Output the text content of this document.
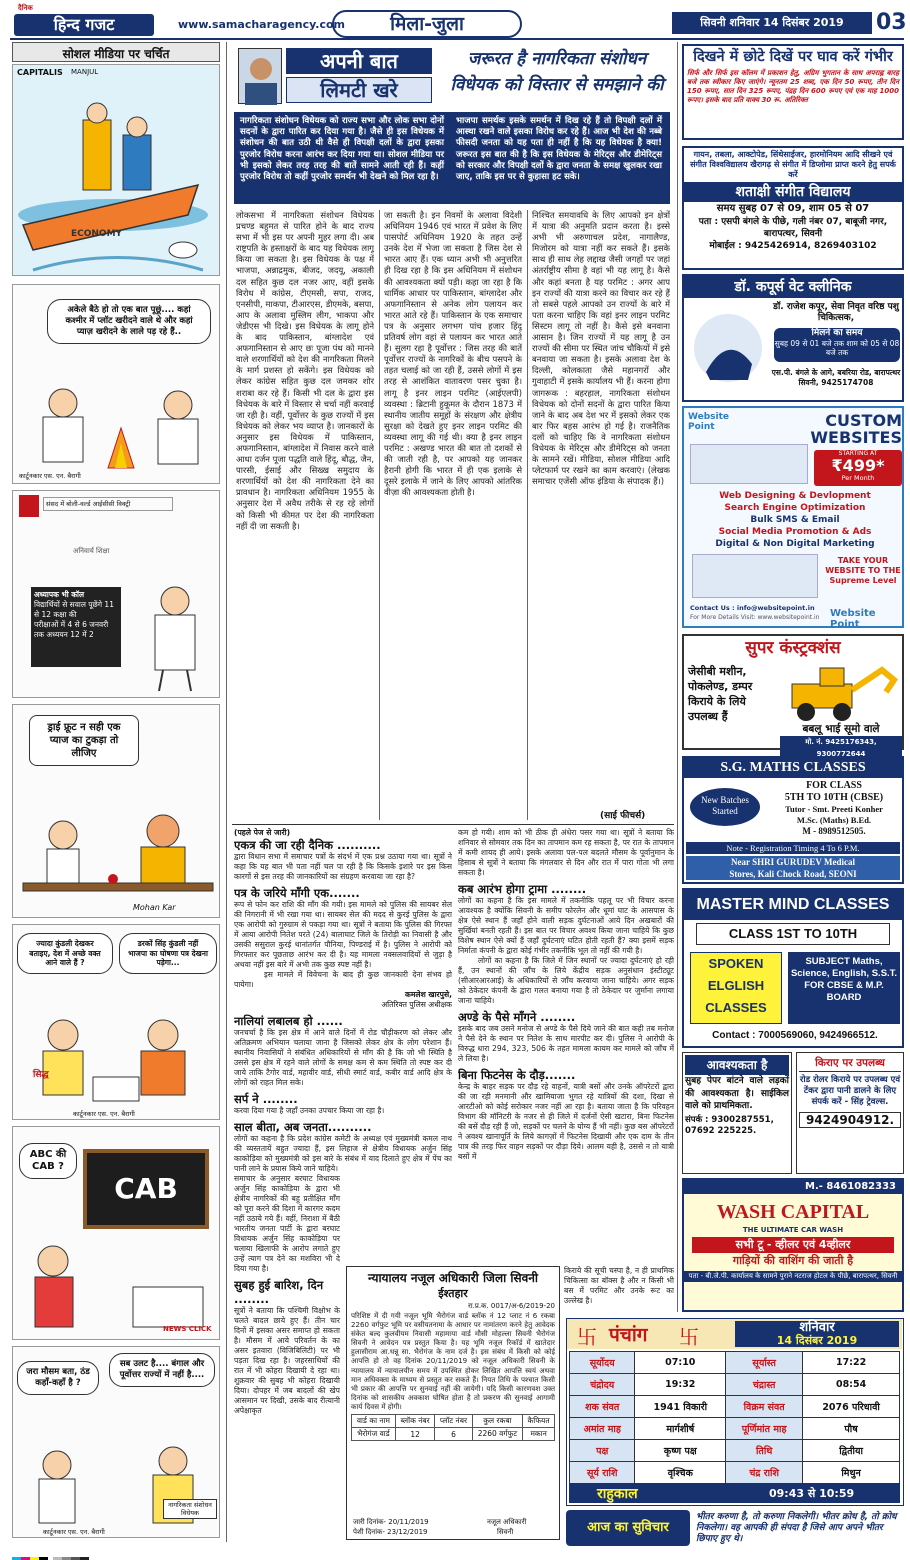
हिन्द गजट
दैनिक
www.samacharagency.com	मिला-जुला	सिवनी शनिवार 14 दिसंबर 2019	03
सोशल मीडिया पर चर्चित
CAPITALIS MANJUL
ECONOMY
अकेले बैठे हो तो एक बात पूछूं.... कहां कश्मीर में प्लॉट खरीदने वाले थे और कहां प्याज़ खरीदने के लाले पड़ रहे हैं..
कार्टूनकार एस. एन. बैरागी
संसद में बोली-वर्ल्ड आईसीसी विक्ट्री
अनिवार्य शिक्षा
अध्यापक भी कॉल
विद्यार्थियों से सवाल पूछेंगे 11 से 12 कक्षा की
परीक्षाओं में 4 से 6 जनवरी तक अध्ययन 12 में 2
ड्राई फ्रूट न सही एक प्याज का टुकड़ा तो लीजिए
Mohan Kar
ज्यादा कुंडली देखकर बताइए, देश में अच्छे वक्त आने वाले हैं ?
डरकों सिंह कुंडली नहीं भाजपा का घोषणा पत्र देखना पड़ेगा...
सिद्ध
कार्टूनकार एस. एन. बैरागी
ABC की CAB ?
CAB
NEWS CLICK
जरा मौसम बता, ठंड कहाँ-कहाँ है ?
सब उलट है.... बंगाल और पूर्वोत्तर राज्यों में नहीं है....
नागरिकता संशोधन विधेयक
कार्टूनकार एस. एन. बैरागी
अपनी बात
लिमटी खरे
जरूरत है नागरिकता संशोधन
विधेयक को विस्तार से समझाने की
नागरिकता संशोधन विधेयक को राज्य सभा और लोक सभा दोनों सदनों के द्वारा पारित कर दिया गया है। जैसे ही इस विधेयक में संशोधन की बात उठी थी वैसे ही विपक्षी दलों के द्वारा इसका पुरजोर विरोध करना आरंभ कर दिया गया था। सोशल मीडिया पर भी इसको लेकर तरह तरह की बातें सामने आती रही हैं। कहीं पुरजोर विरोध तो कहीं पुरजोर समर्थन भी देखने को मिल रहा है।
भाजपा समर्थक इसके समर्थन में दिख रहे हैं तो विपक्षी दलों में आस्था रखने वाले इसका विरोध कर रहे हैं। आज भी देश की नब्बे फीसदी जनता को यह पता ही नहीं है कि यह विधेयक है क्या! जरूरत इस बात की है कि इस विधेयक के मेरिट्स और डीमेरिट्स को सरकार और विपक्षी दलों के द्वारा जनता के समक्ष खुलकर रखा जाए, ताकि इस पर से कुहासा हट सके।
लोकसभा में नागरिकता संशोधन विधेयक प्रचण्ड बहुमत से पारित होने के बाद राज्य सभा में भी इस पर अपनी मुहर लगा दी। अब राष्ट्रपति के हस्ताक्षरों के बाद यह विधेयक लागू किया जा सकता है। इस विधेयक के पक्ष में भाजपा, अन्नाद्रमुक, बीजद, जदयू, अकाली दल सहित कुछ दल नजर आए, वहीं इसके विरोध में कांग्रेस, टीएमसी, सपा, राजद, एनसीपी, माकपा, टीआरएस, डीएमके, बसपा, आप के अलावा मुस्लिम लीग, भाकपा और जेडीएस भी दिखे। इस विधेयक के लागू होने के बाद पाकिस्तान, बांग्लादेश एवं अफगानिस्तान से आए छः पूजा पंथ को मानने वाले शरणार्थियों को देश की नागरिकता मिलने के मार्ग प्रशस्त हो सकेंगे। इस विधेयक को लेकर कांग्रेस सहित कुछ दल जमकर शोर शराबा कर रहे हैं। किसी भी दल के द्वारा इस विधेयक के बारे में विस्तार से चर्चा नहीं करवाई जा रही है। वहीं, पूर्वोत्तर के कुछ राज्यों में इस विधेयक को लेकर भय व्याप्त है। जानकारों के अनुसार इस विधेयक में पाकिस्तान, अफगानिस्तान, बांग्लादेश में निवास करने वाले आधा दर्जन पूजा पद्धति वाले हिंदू, बौद्ध, जैन, पारसी, ईसाई और सिख्ख समुदाय के शरणार्थियों को देश की नागरिकता देने का प्रावधान है। नागरिकता अधिनियम 1955 के अनुसार देश में अवैध तरीके से रह रहे लोगों को किसी भी कीमत पर देश की नागरिकता नहीं दी जा सकती है।
जा सकती है। इन निवमों के अलावा विदेशी अधिनियम 1946 एवं भारत में प्रवेश के लिए पासपोर्ट अधिनियम 1920 के तहत उन्हें उनके देश में भेजा जा सकता है जिस देश से भारत आए हैं। एक ध्यान अभी भी अनुत्तरित ही दिख रहा है कि इस अधिनियम में संशोधन की आवश्यकता क्यों पड़ी। कहा जा रहा है कि धार्मिक आधार पर पाकिस्तान, बांग्लादेश और अफगानिस्तान से अनेक लोग पलायन कर भारत आते रहे हैं। पाकिस्तान के एक समाचार पत्र के अनुसार लगभग पांच हजार हिंदू प्रतिवर्ष लोग वहां से पलायन कर भारत आते हैं। सुलग रहा है पूर्वोत्तर : जिस तरह की बातें पूर्वोत्तर राज्यों के नागरिकों के बीच पसपने के तहत चलाई को जा रही हैं, उससे लोगों में इस तरह से आशंकित वातावरण पसर चुका है। लागू है इनर लाइन परमिट (आईएलपी) व्यवस्था : ब्रिटानी हुकूमत के दौरान 1873 में स्थानीय जातीय समूहों के संरक्षण और क्षेत्रीय सुरक्षा को देखते हुए इनर लाइन परमिट की व्यवस्था लागू की गई थी। क्या है इनर लाइन परमिट : अखण्ड भारत की बात तो दशकों से की जाती रही है, पर आपको यह जानकर हैरानी होगी कि भारत में ही एक इलाके से दूसरे इलाके में जाने के लिए आपको आंतरिक वीज़ा की आवश्यकता होती है।
निश्चित समयावधि के लिए आपको इन क्षेत्रों में यात्रा की अनुमति प्रदान करता है। इस्से अभी भी अरुणाचल प्रदेश, नागालैण्ड, मिजोरम को यात्रा नहीं कर सकते हैं। इसके साथ ही साथ लेह लद्दाख जैसी जगहों पर जहां अंतर्राष्ट्रीय सीमा है वहां भी यह लागू है। कैसे और कहां बनता है यह परमिट : अगर आप इन राज्यों की यात्रा करने का विचार कर रहे हैं तो सबसे पहले आपको उन राज्यों के बारे में पता करना चाहिए कि वहां इनर लाइन परमिट सिस्टम लागू तो नहीं है। कैसे इसे बनवाना आसान है। जिन राज्यों में यह लागू है उन राज्यों की सीमा पर स्थित जांच चौकियों में इसे बनवाया जा सकता है। इसके अलावा देश के दिल्ली, कोलकाता जैसे महानगरों और गुवाहाटी में इसके कार्यालय भी हैं। करना होगा जागरूक : बहरहाल, नागरिकता संशोधन विधेयक को दोनों सदनों के द्वारा पारित किया जाने के बाद अब देश भर में इसको लेकर एक बार फिर बहस आरंभ हो गई है। राजनैतिक दलों को चाहिए कि वे नागरिकता संशोधन विधेयक के मेरिट्स और डीमेरिट्स को जनता के सामने रखें। मीडिया, सोशल मीडिया आदि प्लेटफार्म पर रखने का काम करवाएं। (लेखक समाचार एजेंसी ऑफ इंडिया के संपादक हैं।)
(साई फीचर्स)
(पहले पेज से जारी)
एकत्र की जा रही दैनिक ..........
द्वारा विधान सभा में समाचार पत्रों के संदर्भ में एक प्रश्न उठाया गया था। सूत्रों ने कहा कि यह बात भी पता नहीं चल पा रही है कि किसके इशारे पर इस किस कारगों से इस तरह की जानकारियों का संग्रहण करवाया जा रहा है?
पत्र के जरिये माँगी एक.......
रूप से फोन कर राशि की माँग की गयी। इस मामले को पुलिस की सायबर सेल की निगरानी में भी रखा गया था। सायबर सेल की मदद से कुरई पुलिस के द्वारा एक आरोपी को गुरुग्राम से पकड़ा गया था। सूत्रों ने बताया कि पुलिस की गिरफ्त में आया आरोपी नितेश परते (24) बालाघाट जिले के तिरोड़ी का निवासी है और उसकी ससुराल कुरई थानांतर्गत पौनिया, पिण्डराई में है। पुलिस ने आरोपी को गिरफ्तार कर पूछताछ आरंभ कर दी है। यह मामला नक्सलवादियों से जुड़ा है अथवा नहीं इस बारे में अभी तक कुछ स्पष्ट नहीं है।
इस मामले में विवेचना के बाद ही कुछ जानकारी देना संभव हो पायेगा।
कमलेश खारपुसे,
अतिरिक्त पुलिस अधीक्षक
नालियां लबालब हो ......
जनचर्चा है कि इस क्षेत्र में आने वाले दिनों में रोड चौड़ीकरण को लेकर और अतिक्रमण अभियान चलाया जाना है जिसको लेकर क्षेत्र के लोग परेशान हैं। स्थानीय निवासियों ने संबंधित अधिकारियों से माँग की है कि जो भी स्थिति है उससे इस क्षेत्र में रहने वाले लोगों के समक्ष कम से कम स्थिति तो स्पष्ट कर दी जाये ताकि टैगोर वार्ड, महावीर वार्ड, सीधी स्मार्ट वार्ड, कबीर वार्ड आदि क्षेत्र के लोगों को राहत मिल सके।
सर्प ने ........
करवा दिया गया है जहाँ उनका उपचार किया जा रहा है।
साल बीता, अब जनता..........
लोगों का कहना है कि प्रदेश कांग्रेस कमेटी के अध्यक्ष एवं मुख्यमंत्री कमल नाथ की व्यस्ततायें बहुत ज्यादा हैं, इस लिहाज से क्षेत्रीय विधायक अर्जुन सिंह काकोड़िया को मुख्यमंत्री को इस बारे के संबंध में याद दिलाते हुए क्षेत्र में पेंच का पानी लाने के प्रयास किये जाने चाहिये।
समाचार के अनुसार बरघाट विधायक अर्जुन सिंह काकोड़िया के द्वारा भी क्षेत्रीय नागरिकों की बहु प्रतीक्षित माँग को पूरा करने की दिशा में कारगर कदम नहीं उठाये गये हैं। वहीं, निराशा में बैठी भारतीय जनता पार्टी के द्वारा बरघाट विधायक अर्जुन सिंह काकोड़िया पर चलाया खिलाफी के आरोप लगाते हुए उन्हें त्याग पत्र देने का मशविरा भी दे दिया गया है।
सुबह हुई बारिश, दिन ........
सूत्रों ने बताया कि पश्चिमी विक्षोभ के चलते बादल छाये हुए हैं। तीन चार दिनों में इसका असर समाप्त हो सकता है। मौसम में आये परिवर्तन के का असर इतवारा (विजिबिलिटी) पर भी पड़ता दिख रहा है। जहरसाथियों की रात में भी कोहरा दिखायी दे रहा था। शुक्रवार की सुबह भी कोहरा दिखायी दिया। दोपहर में जब बादलों की खेप आसमान पर दिखी, उसके बाद रीत्यानी अपेक्षाकृत
कम हो गयी। शाम को भी ठीक ही अंधेरा पसर गया था। सूत्रों ने बताया कि शनिवार से सोमवार तक दिन का तापमान कम रह सकता है, पर रात के तापमान में कमी शायद ही आये। इसके अलावा पल-पल बदलते मौसम के पूर्वानुमान के हिसाब से सूत्रों ने बताया कि मंगलवार से दिन और रात में पारा गोता भी लगा सकता है।
कब आरंभ होगा ट्रामा ........
लोगों का कहना है कि इस मामले में तकनीकि पहलू पर भी विचार करना आवश्यक है क्योंकि सिवनी के समीप फोरलेन और धूमां घाट के आसपास के क्षेत्र ऐसे स्थान हैं जहाँ होने वाली सड़क दुर्घटनाओं आये दिन अखबारों की सुर्खियां बनती रहती हैं। इस बात पर विचार अवश्य किया जाना चाहिये कि कुछ विशेष स्थान ऐसे क्यों हैं जहाँ दुर्घटनाएं घटित होती रहती हैं? क्या इसमें सड़क निर्माता कंपनी के द्वारा कोई गंभीर तकनीकि भूल तो नहीं की गयी है।
लोगों का कहना है कि जिले में जिन स्थानों पर ज्यादा दुर्घटनाएं हो रही हैं, उन स्थानों की जाँच के लिये केंद्रीय सड़क अनुसंधान इंस्टीट्यूट (सीआरआरआई) के अधिकारियों से जाँच करवाया जाना चाहिये। अगर सड़क को ठेकेदार कंपनी के द्वारा गलत बनाया गया है तो ठेकेदार पर जुर्माना लगाया जाना चाहिये।
अण्डे के पैसे माँगने ........
इसके बाद जब उसने मनोज से अण्डे के पैसे दिये जाने की बात कही तब मनोज ने पैसे देने के स्थान पर नितेश के साथ मारपीट कर दी। पुलिस ने आरोपी के विरुद्ध धारा 294, 323, 506 के तहत मामला कायम कर मामले को जाँच में ले लिया है।
बिना फिटनेस के दौड़.......
केन्द्र के बाहर सड़क पर दौड़ रहे वाहनों, यात्री बसों और उनके ऑपरेटरों द्वारा की जा रही मनमानी और खामियाजा भुगत रहे यात्रियों की दशा, दिखा से आरटीओ को कोई सरोकार नजर नहीं आ रहा है। बताया जाता है कि परिवहन विभाग की मॉनिटरी के नजर से ही जिले में दर्जनों ऐसी खटारा, बिना फिटनेस की बसें दौड़ रही हैं जो, सड़कों पर चलने के योग्य हैं भी नहीं। कुछ बस ऑपरेटरों ने अवश्य खानापूर्ति के लिये कागज़ों में फिटनेस दिखायी और एक दाम के तीन पात्र की तरह फिर वाहन सड़कों पर दौड़ा दिये। आलम यही है, उससे न तो यात्री बसों में
किराये की सूची चस्पा है, न ही प्राथमिक चिकित्सा का बॉक्स है और न किसी भी बस में परमिट और उनके रूट का उल्लेख है।
न्यायालय नजूल अधिकारी जिला सिवनी
ईश्तहार
रा.प्र.क. 0017/अ-6/2019-20
परिशिष्ट में दी गयी नजूल भूमि भैरोगंज वार्ड ब्लॉक नं 12 प्लाट नं 6 रकबा 2260 वर्गफुट भूमि पर वसीयतनामा के आधार पर नामांतरण करने हेतु आवेदक संकेत बल्द कुलवीयम निवासी महामाया वार्ड मौसी मोहल्ला सिवनी भैरोगंज सिवनी ने आवेदन पत्र प्रस्तुत किया है। यह भूमि नजूल रिकॉर्ड में खातेदार हुलासीराम आ.धन्नू सा. भैरोगंज के नाम दर्ज है। इस संबंध में किसी को कोई आपत्ति हो तो वह दिनांक 20/11/2019 को नजूल अधिकारी सिवनी के न्यायालय में न्यायालयीन समय में उपस्थित होकर लिखित आपत्ति स्वयं अथवा मान अधिवक्ता के माध्यम से प्रस्तुत कर सकते हैं। नियत तिथि के पश्चात किसी भी प्रकार की आपत्ति पर सुनवाई नहीं की जायेगी। यदि किसी कारणवश उक्त दिनांक को शासकीय अवकाश घोषित होता है तो प्रकरण की सुनवाई आगामी कार्य दिवस में होगी।
वार्ड का नाम	ब्लॉक नंबर	प्लॉट नंबर	कुल रकबा	कैफियत
भैरोगंज वार्ड	12	6	2260 वर्गफुट	मकान
जारी दिनांक- 20/11/2019
पेशी दिनांक- 23/12/2019
नजूल अधिकारी
सिवनी
卐 पंचांग 卐	शनिवार
14 दिसंबर 2019
सूर्योदय	07:10	सूर्यास्त	17:22
चंद्रोदय	19:32	चंद्रास्त	08:54
शक संवत	1941 विकारी	विक्रम संवत	2076 परिधावी
अमांत माह	मार्गशीर्ष	पूर्णिमांत माह	पौष
पक्ष	कृष्ण पक्ष	तिथि	द्वितीया
सूर्य राशि	वृश्चिक	चंद्र राशि	मिथुन
राहुकाल	09:43 से 10:59
आज का सुविचार
भीतर करुणा है, तो करुणा निकलेगी। भीतर क्रोध है, तो क्रोध निकलेगा। वह आपकी ही संपदा है जिसे आप अपने भीतर छिपाए हुए थे।
दिखने में छोटे दिखें पर घाव करें गंभीर
सिर्फ और सिर्फ इस कॉलम में प्रकाशन हेतु, अग्रिम भुगतान के साथ अपराह्न बारह बजे तक स्वीकार किए जाएंगे। न्यूनतम 25 शब्द, एक दिन 50 रूपए, तीन दिन 150 रूपए, सात दिन 325 रूपए, पंद्रह दिन 600 रूपए एवं एक माह 1000 रूपए। इसके बाद प्रति वाक्य 30 रू. अतिरिक्त
गायन, तबला, आक्टोपेड, सिंथेसाईजर, हारमोनियम आदि सीखने एवं संगीत विश्वविद्यालय खैरागढ़ से संगीत में डिप्लोमा प्राप्त करने हेतु सपर्क करें
शताक्षी संगीत विद्यालय
समय सुबह 07 से 09, शाम 05 से 07
पता : एसपी बंगले के पीछे, गली नंबर 07, बाबूजी नगर, बारापत्थर, सिवनी
मोबाईल : 9425426914, 8269403102
डॉ. कपूर्स वेट क्लीनिक
डॉ. राजेश कपूर, सेवा निवृत वरिष्ठ पशु चिकित्सक,
मिलने का समय
सुबह 09 से 01 बजे तक शाम को 05 से 08 बजे तक
एस.पी. बंगले के आगे, बबरिया रोड, बारापत्थर सिवनी, 9425174708
Website Point	CUSTOM
WEBSITES
STARTING AT
₹499*
Per Month
Web Designing & Devlopment
Search Engine Optimization
Bulk SMS & Email
Social Media Promotion & Ads
Digital & Non Digital Marketing
TAKE YOUR WEBSITE TO THE Supreme Level
Contact Us : info@websitepoint.in
For More Details Visit: www.websitepoint.in Website Point
सुपर कंस्ट्रक्शंस
जेसीबी मशीन, पोकलेण्ड, डम्पर किराये के लिये उपलब्ध हैं
बबलू भाई सूमो वाले
मो. नं. 9425176343, 9300772644
S.G. MATHS CLASSES
New Batches Started
FOR CLASS
5TH TO 10TH (CBSE)
Tutor - Smt. Preeti Konher
M.Sc. (Maths) B.Ed.
M - 8989512505.
Note - Registration Timing 4 To 6 P.M.
Near SHRI GURUDEV Medical
Stores, Kali Chock Road, SEONI
MASTER MIND CLASSES
CLASS 1ST TO 10TH
SPOKEN ELGLISH CLASSES
SUBJECT Maths, Science, English, S.S.T. FOR CBSE & M.P. BOARD
Contact : 7000569060, 9424966512.
आवश्यकता है
सुबह पेपर बांटने वाले लड़कों की आवश्यकता है। साईकिल वाले को प्राथमिकता.
संपर्क : 9300287551, 07692 225225.
किराए पर उपलब्ध
रोड रोलर किराये पर उपलब्ध एवं टेंकर द्वारा पानी डालने के लिए संपर्क करें - सिंह ट्रेवल्स.
9424904912.
M.- 8461082333
WASH CAPITAL
THE ULTIMATE CAR WASH
सभी टू - व्हीलर एवं 4व्हीलर
गाड़ियों की वाशिंग की जाती है
पता - बी.जे.पी. कार्यालय के सामने पुराने नटराज होटल के पीछे, बारापत्थर, सिवनी
